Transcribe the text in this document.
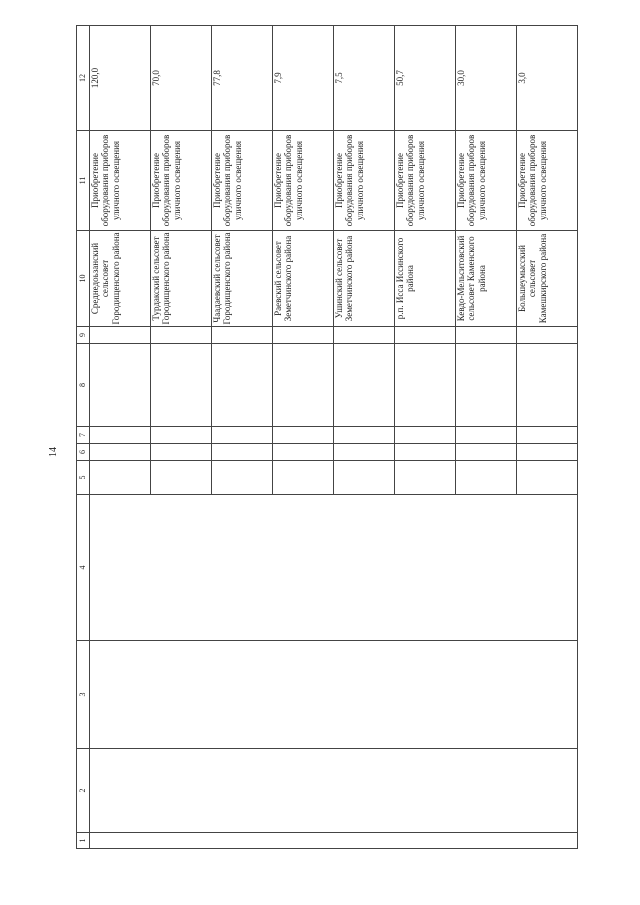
14
1	2	3	4	5	6	7	8	9	10	11	12
									Среднедоьзанский сельсовет Городищенского района	Приобретение оборудования приборов уличного освещения	120,0
									Турдакский сельсовет Городищенского района	Приобретение оборудования приборов уличного освещения	70,0
									Чаадаевский сельсовет Городищенского района	Приобретение оборудования приборов уличного освещения	77,8
									Раевский сельсовет Земетчинского района	Приобретение оборудования приборов уличного освещения	7,9
									Ушинский сельсовет Земетчинского района	Приобретение оборудования приборов уличного освещения	7,5
									р.п. Исса Иссинского района	Приобретение оборудования приборов уличного освещения	50,7
									Кевдо-Мельситовский сельсовет Каменского района	Приобретение оборудования приборов уличного освещения	30,0
									Большеумысский сельсовет Камешкирского района	Приобретение оборудования приборов уличного освещения	3,0
